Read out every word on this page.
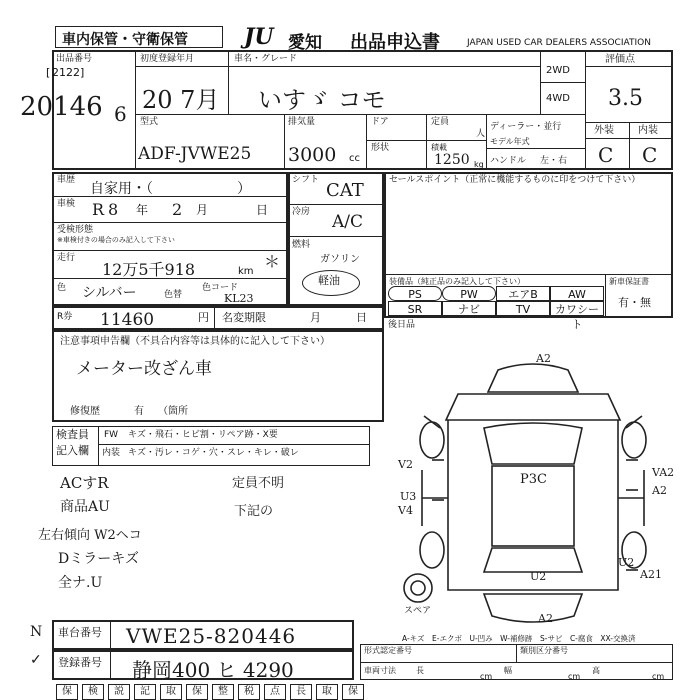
車内保管・守衛保管	JU 愛知 出品申込書	JAPAN USED CAR DEALERS ASSOCIATION
出品番号
[ 2122 ]
20146 6
初度登録年月
20 7月
車名・グレード
いすゞ コモ
2WD
4WD
評価点
3.5
型式
ADF-JVWE25
排気量
3000 cc
ドア
形状
定員
人
積載
1250 kg
ディーラー・並行
モデル年式
ハンドル 左・右
外装 内装
C C
車歴
自家用・（　　　　　　）
車検 R 8 年 2 月	日
受検形態
※車検付きの場合のみ記入して下さい
走行
12万5千918	km
＊
色 シルバー	色替
色コード
KL23
シフト CAT
冷房 A/C
燃料
ガソリン
軽油
セールスポイント（正常に機能するものに印をつけて下さい）
装備品（純正品のみ記入して下さい）	新車保証書
有・無
PS	PW	エアB	AW
SR	ナビ	TV	カワシート
R券 11460	円 名変期限	月	日
後日品
注意事項申告欄（不具合内容等は具体的に記入して下さい）
メーター改ざん車
修復歴	有 （箇所
検査員
記入欄
FW キズ・飛石・ヒビ割・リペア跡・X要
内装 キズ・汚レ・コゲ・穴・スレ・キレ・破レ
ACすR
商品AU
左右傾向 W2ヘコ
Dミラーキズ
全ナ.U
定員不明
下記の
A2
V2
U3
V4
P3C	VA2
A2
U2
U2
A2
A21
スペア
A-キズ　E-エクボ　U-凹み　W-補修跡　S-サビ　C-腐食　XX-交換済
車台番号 VWE25-820446
登録番号 静岡400 ヒ 4290
N
✓
形式認定番号	類別区分番号
車両寸法	長
cm
幅
cm
高
cm
保	検	説	記	取	保	整	税	点	長	取	保
